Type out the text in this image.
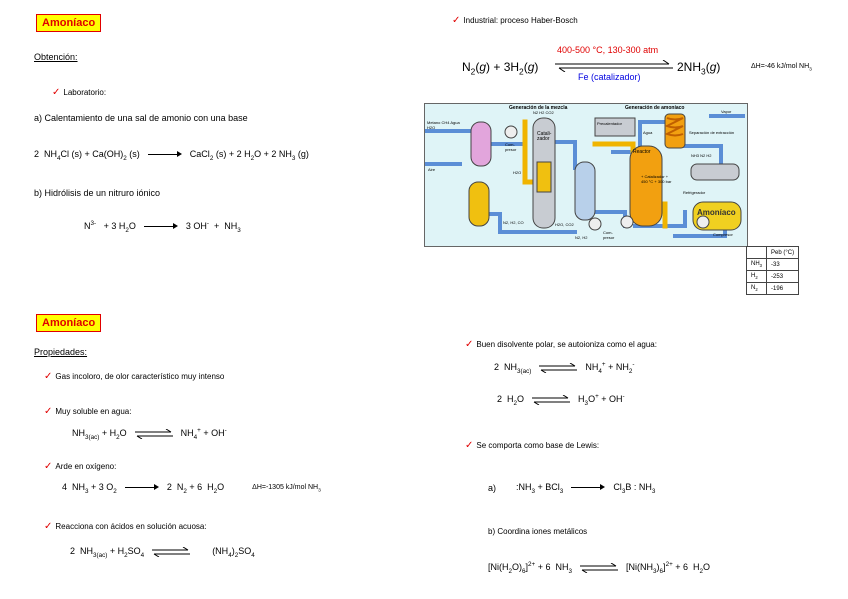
Amoníaco
Obtención:
✓ Laboratorio:
a) Calentamiento de una sal de amonio con una base
2  $NH_4Cl$ $(s) + Ca(OH)_2$ (s)	CaCl$_2$ (s) + 2 $H_2O + 2$ $NH_3$ (g)
b) Hidrólisis de un nitruro iónico
$N^{3-} + 3$ $H_2O$	3 $OH^- + NH_3$
✓ Industrial: proceso Haber-Bosch
$N_2(g) + 3H_2(g)$
400-500 °C, 130-300 atm
Fe (catalizador)
$2NH_3(g)$	ΔH=-46 kJ/mol $NH_3$
Generación de la mezcla	Generación de amoníaco
Metano CH4 Agua H2O
Aire
Catali- zador
Com- presor
Precalentador
Reactor
+ Catalizador + 450 °C + 300 bar
Agua
Vapor
Separación de extracción
NH3 N2 H2
Refrigerador
Amoníaco
Compresor
Com- presor
N2 H2 CO2
H2O
N2, H2, CO	H2O, CO2
N2, H2
	Peb (°C)
$NH_3$	-33
$H_2$	-253
$N_2$	-196
Amoníaco
Propiedades:
✓ Gas incoloro, de olor característico muy intenso
✓ Muy soluble en agua:
$NH_{3(ac)} + H_2O$	$NH_4^+ + OH^-$
✓ Arde en oxígeno:
4  $NH_3 + 3$ $O_2$	2  $N_2 + 6$  $H_2O$	ΔH=-1305 kJ/mol $NH_3$
✓ Reacciona con ácidos en solución acuosa:
2  $NH_{3(ac)} + H_2SO_4$	$(NH_4)_2SO_4$
✓ Buen disolvente polar, se autoioniza como el agua:
2  $NH_{3(ac)}$	$NH_4^+ + NH_2^-$
2  $H_2O$	$H_3O^+ + OH^-$
✓ Se comporta como base de Lewis:
a) $:NH_3 + BCl_3$	$Cl_3B$ : $NH_3$
b) Coordina iones metálicos
$[Ni(H_2O)_6]^{2+} + 6$  $NH_3$	$[Ni(NH_3)_6]^{2+} + 6$  $H_2O$
